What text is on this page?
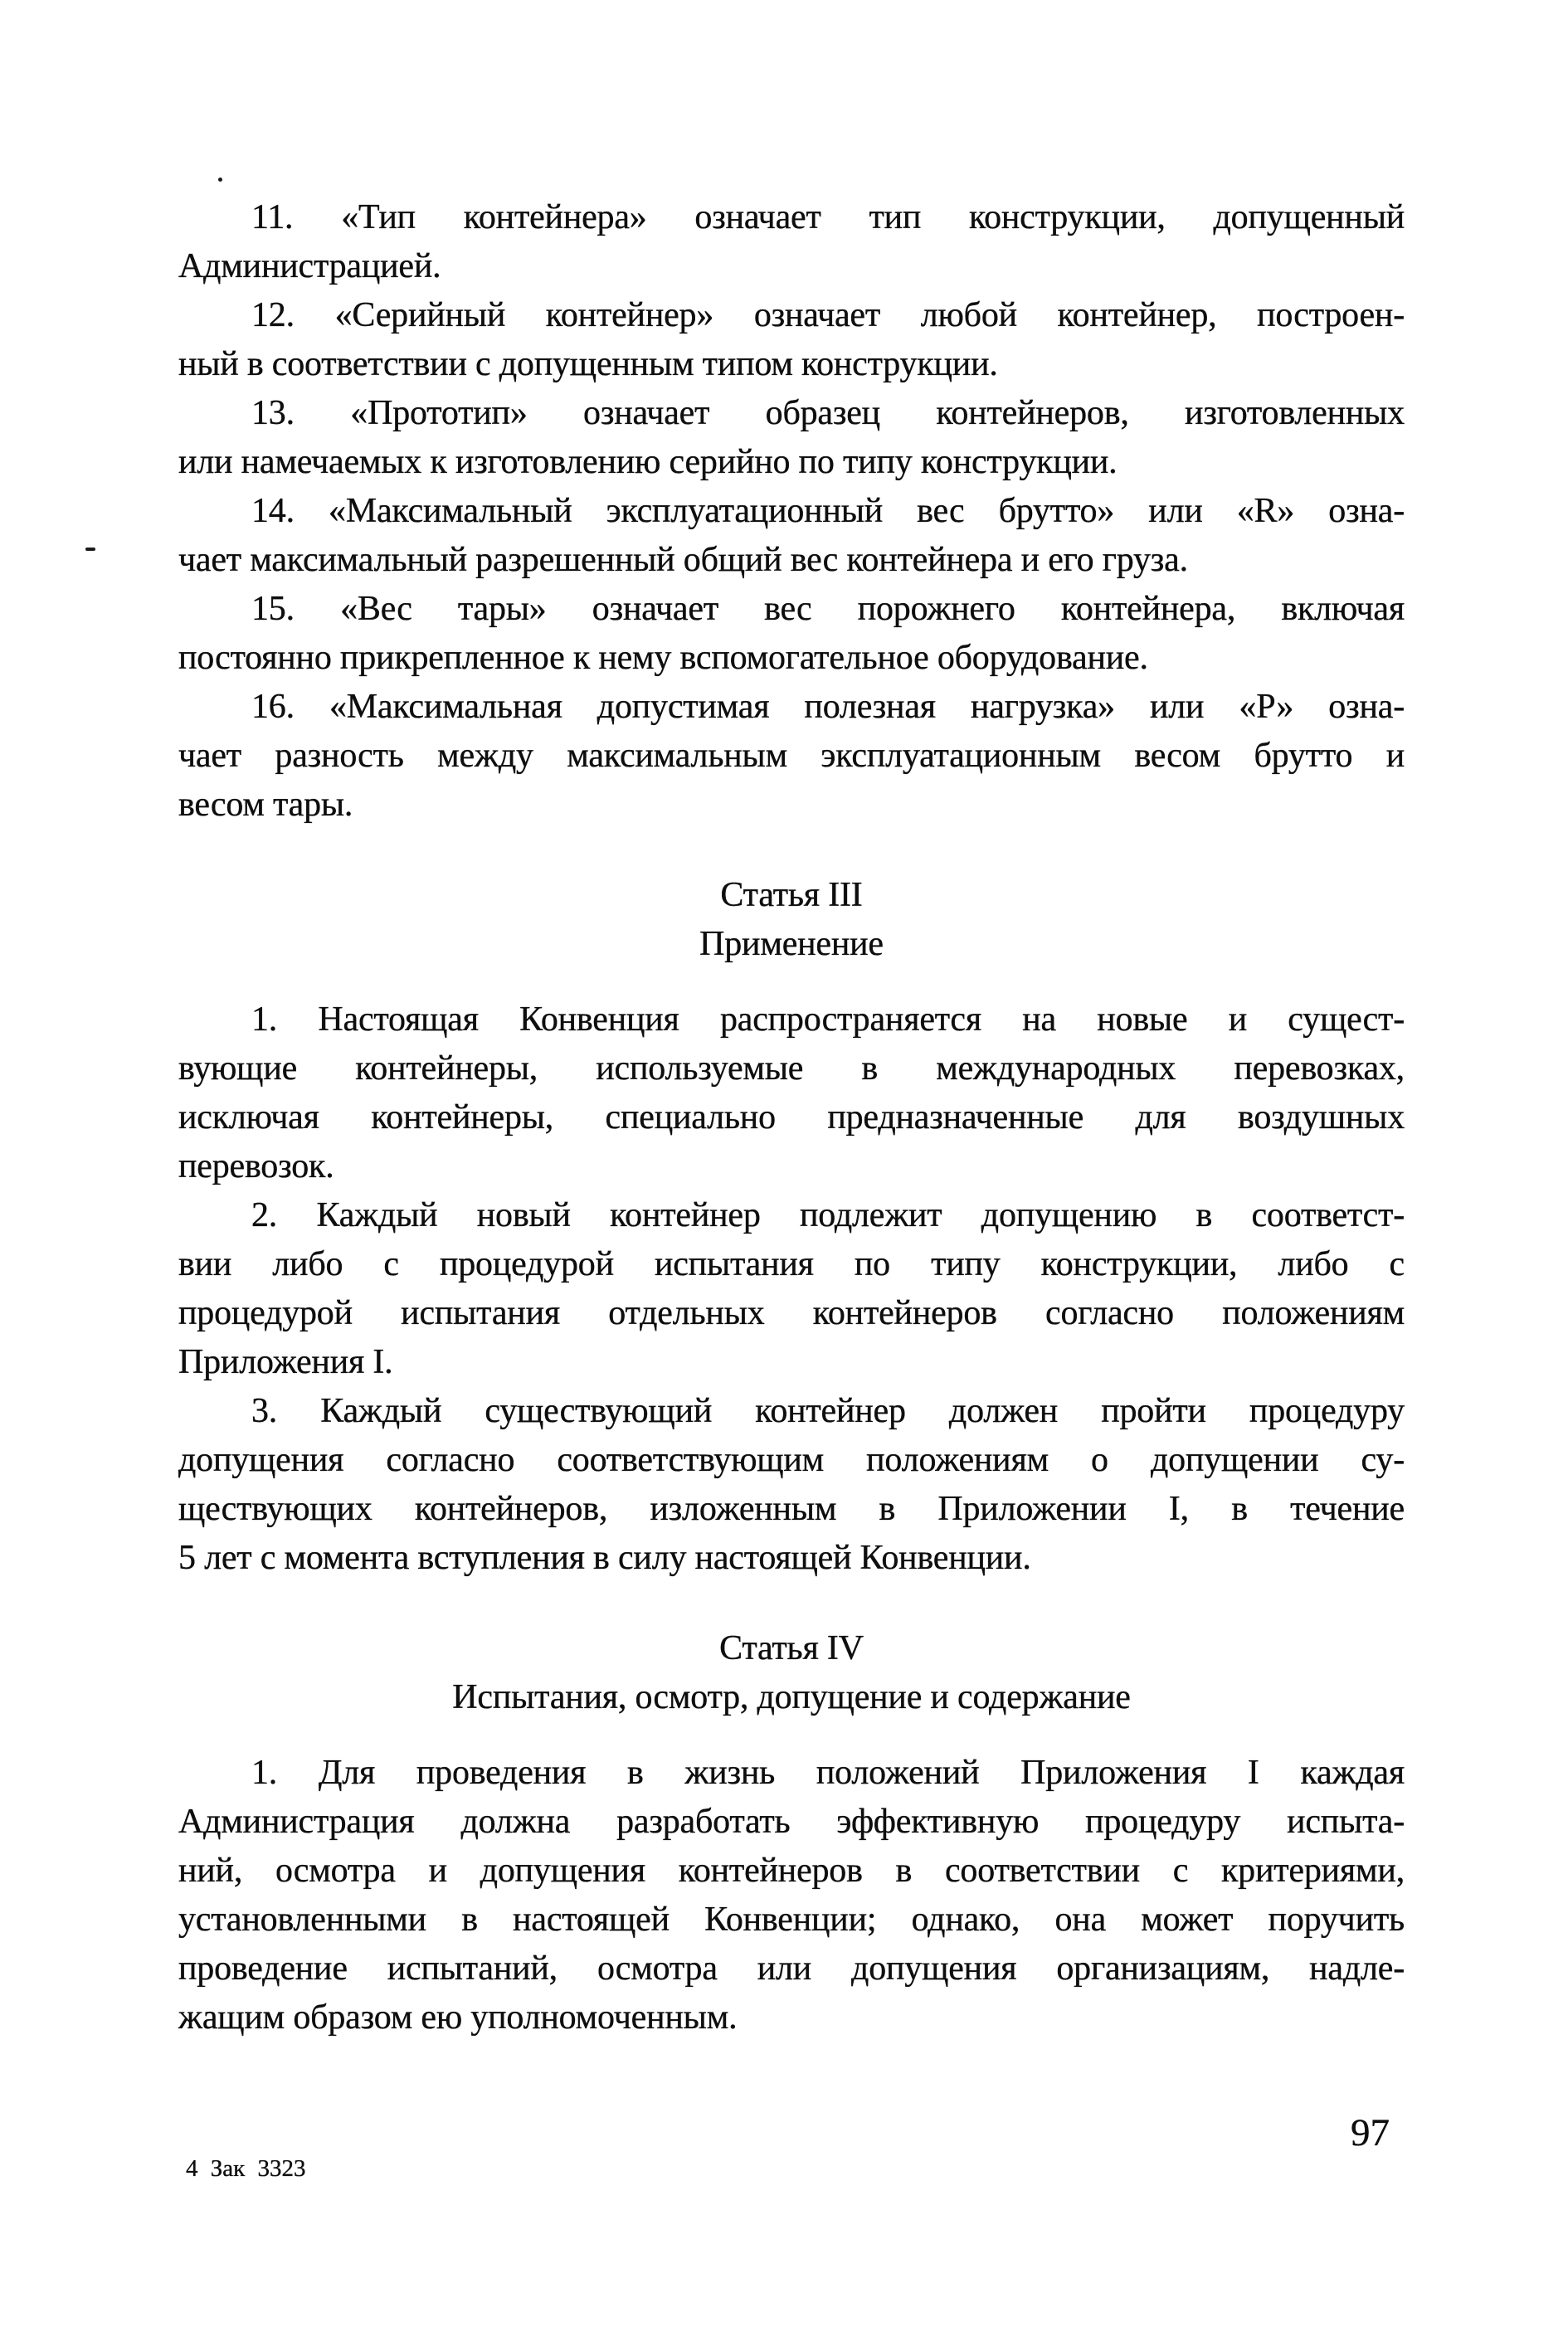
11. «Тип контейнера» означает тип конструкции, допущенный
Администрацией.
12. «Серийный контейнер» означает любой контейнер, построен-
ный в соответствии с допущенным типом конструкции.
13. «Прототип» означает образец контейнеров, изготовленных
или намечаемых к изготовлению серийно по типу конструкции.
14. «Максимальный эксплуатационный вес брутто» или «R» озна-
чает максимальный разрешенный общий вес контейнера и его груза.
15. «Вес тары» означает вес порожнего контейнера, включая
постоянно прикрепленное к нему вспомогательное оборудование.
16. «Максимальная допустимая полезная нагрузка» или «Р» озна-
чает разность между максимальным эксплуатационным весом брутто и
весом тары.
Статья III
Применение
1. Настоящая Конвенция распространяется на новые и сущест-
вующие контейнеры, используемые в международных перевозках,
исключая контейнеры, специально предназначенные для воздушных
перевозок.
2. Каждый новый контейнер подлежит допущению в соответст-
вии либо с процедурой испытания по типу конструкции, либо с
процедурой испытания отдельных контейнеров согласно положениям
Приложения I.
3. Каждый существующий контейнер должен пройти процедуру
допущения согласно соответствующим положениям о допущении су-
ществующих контейнеров, изложенным в Приложении I, в течение
5 лет с момента вступления в силу настоящей Конвенции.
Статья IV
Испытания, осмотр, допущение и содержание
1. Для проведения в жизнь положений Приложения I каждая
Администрация должна разработать эффективную процедуру испыта-
ний, осмотра и допущения контейнеров в соответствии с критериями,
установленными в настоящей Конвенции; однако, она может поручить
проведение испытаний, осмотра или допущения организациям, надле-
жащим образом ею уполномоченным.
4 Зак 3323
97
